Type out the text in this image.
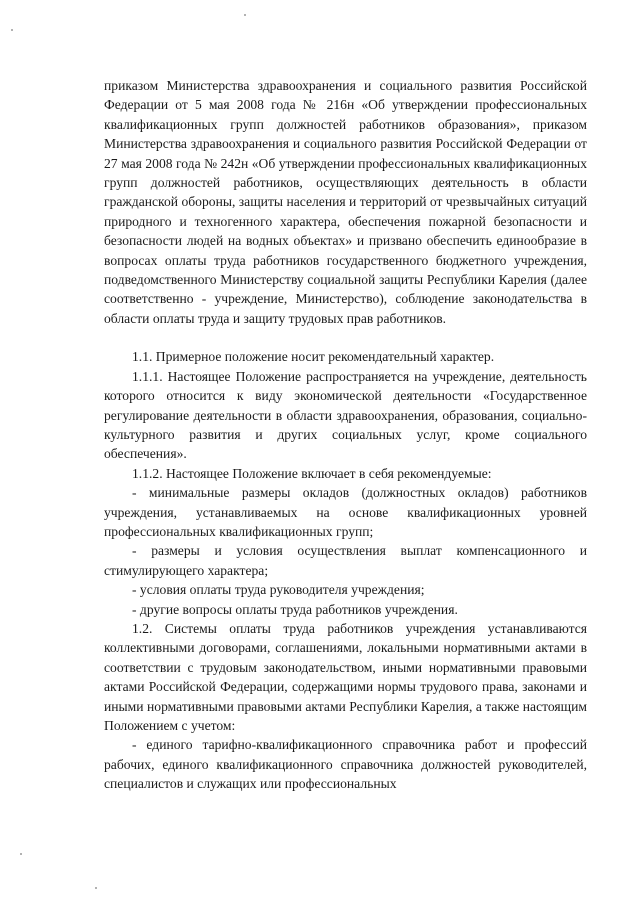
приказом Министерства здравоохранения и социального развития Российской Федерации от 5 мая 2008 года № 216н «Об утверждении профессиональных квалификационных групп должностей работников образования», приказом Министерства здравоохранения и социального развития Российской Федерации от 27 мая 2008 года № 242н «Об утверждении профессиональных квалификационных групп должностей работников, осуществляющих деятельность в области гражданской обороны, защиты населения и территорий от чрезвычайных ситуаций природного и техногенного характера, обеспечения пожарной безопасности и безопасности людей на водных объектах» и призвано обеспечить единообразие в вопросах оплаты труда работников государственного бюджетного учреждения, подведомственного Министерству социальной защиты Республики Карелия (далее соответственно - учреждение, Министерство), соблюдение законодательства в области оплаты труда и защиту трудовых прав работников.

1.1. Примерное положение носит рекомендательный характер.

1.1.1. Настоящее Положение распространяется на учреждение, деятельность которого относится к виду экономической деятельности «Государственное регулирование деятельности в области здравоохранения, образования, социально-культурного развития и других социальных услуг, кроме социального обеспечения».

1.1.2. Настоящее Положение включает в себя рекомендуемые:

- минимальные размеры окладов (должностных окладов) работников учреждения, устанавливаемых на основе квалификационных уровней профессиональных квалификационных групп;

- размеры и условия осуществления выплат компенсационного и стимулирующего характера;

- условия оплаты труда руководителя учреждения;

- другие вопросы оплаты труда работников учреждения.

1.2. Системы оплаты труда работников учреждения устанавливаются коллективными договорами, соглашениями, локальными нормативными актами в соответствии с трудовым законодательством, иными нормативными правовыми актами Российской Федерации, содержащими нормы трудового права, законами и иными нормативными правовыми актами Республики Карелия, а также настоящим Положением с учетом:

- единого тарифно-квалификационного справочника работ и профессий рабочих, единого квалификационного справочника должностей руководителей, специалистов и служащих или профессиональных
